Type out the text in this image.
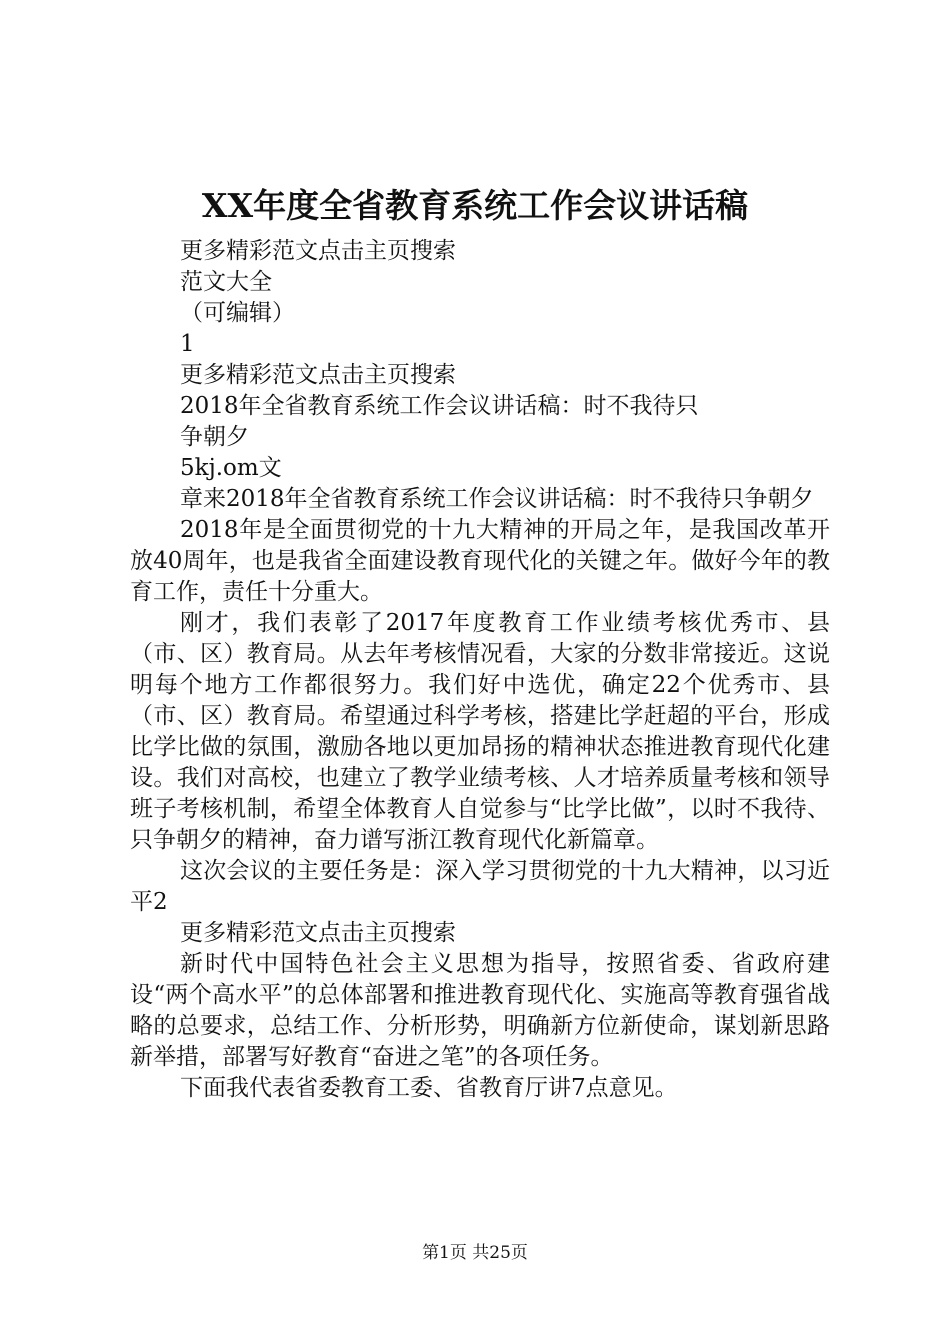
XX年度全省教育系统工作会议讲话稿
更多精彩范文点击主页搜索
范文大全
（可编辑）
1
更多精彩范文点击主页搜索
2018年全省教育系统工作会议讲话稿：时不我待只
争朝夕
5kj.om文
章来2018年全省教育系统工作会议讲话稿：时不我待只争朝夕
2018年是全面贯彻党的十九大精神的开局之年，是我国改革开放40周年，也是我省全面建设教育现代化的关键之年。做好今年的教育工作，责任十分重大。
刚才，我们表彰了2017年度教育工作业绩考核优秀市、县（市、区）教育局。从去年考核情况看，大家的分数非常接近。这说明每个地方工作都很努力。我们好中选优，确定22个优秀市、县（市、区）教育局。希望通过科学考核，搭建比学赶超的平台，形成比学比做的氛围，激励各地以更加昂扬的精神状态推进教育现代化建设。我们对高校，也建立了教学业绩考核、人才培养质量考核和领导班子考核机制，希望全体教育人自觉参与“比学比做”，以时不我待、只争朝夕的精神，奋力谱写浙江教育现代化新篇章。
这次会议的主要任务是：深入学习贯彻党的十九大精神，以习近平2
更多精彩范文点击主页搜索
新时代中国特色社会主义思想为指导，按照省委、省政府建设“两个高水平”的总体部署和推进教育现代化、实施高等教育强省战略的总要求，总结工作、分析形势，明确新方位新使命，谋划新思路新举措，部署写好教育“奋进之笔”的各项任务。
下面我代表省委教育工委、省教育厅讲7点意见。
第1页 共25页
